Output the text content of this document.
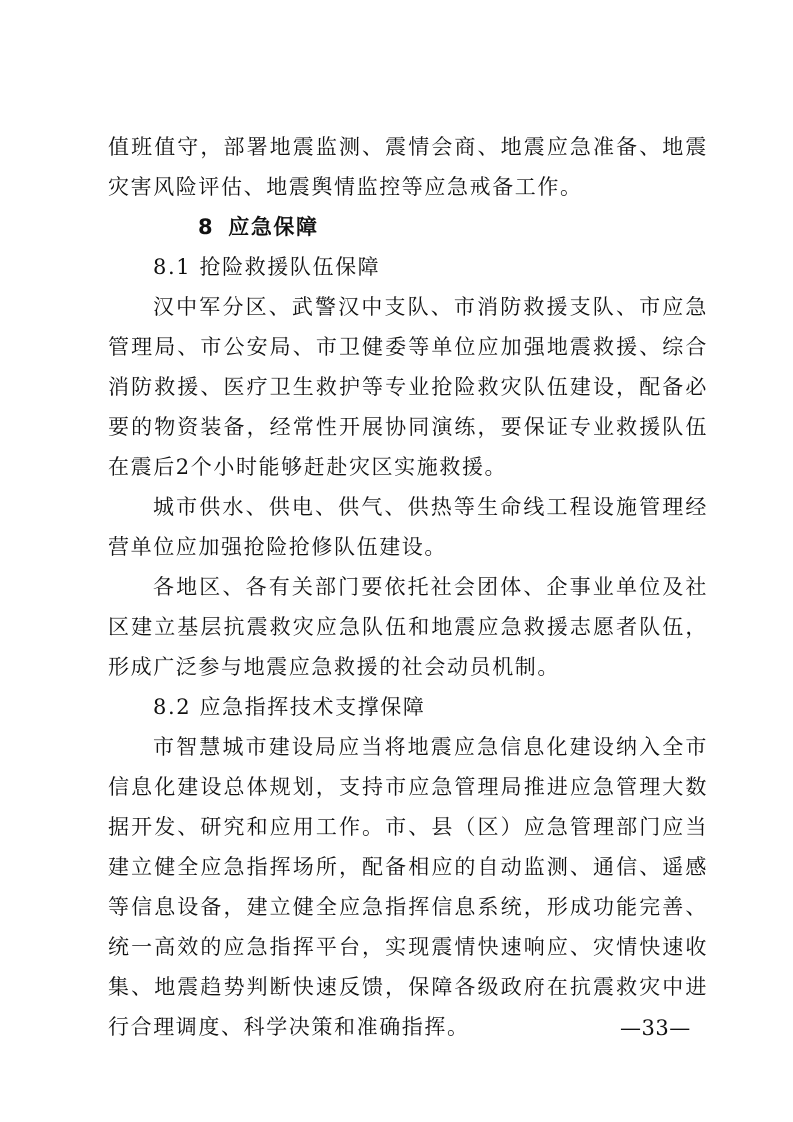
值班值守，部署地震监测、震情会商、地震应急准备、地震灾害风险评估、地震舆情监控等应急戒备工作。

8 应急保障

8.1 抢险救援队伍保障

汉中军分区、武警汉中支队、市消防救援支队、市应急管理局、市公安局、市卫健委等单位应加强地震救援、综合消防救援、医疗卫生救护等专业抢险救灾队伍建设，配备必要的物资装备，经常性开展协同演练，要保证专业救援队伍在震后2个小时能够赶赴灾区实施救援。

城市供水、供电、供气、供热等生命线工程设施管理经营单位应加强抢险抢修队伍建设。

各地区、各有关部门要依托社会团体、企事业单位及社区建立基层抗震救灾应急队伍和地震应急救援志愿者队伍，形成广泛参与地震应急救援的社会动员机制。

8.2 应急指挥技术支撑保障

市智慧城市建设局应当将地震应急信息化建设纳入全市信息化建设总体规划，支持市应急管理局推进应急管理大数据开发、研究和应用工作。市、县（区）应急管理部门应当建立健全应急指挥场所，配备相应的自动监测、通信、遥感等信息设备，建立健全应急指挥信息系统，形成功能完善、统一高效的应急指挥平台，实现震情快速响应、灾情快速收集、地震趋势判断快速反馈，保障各级政府在抗震救灾中进行合理调度、科学决策和准确指挥。	—33—
